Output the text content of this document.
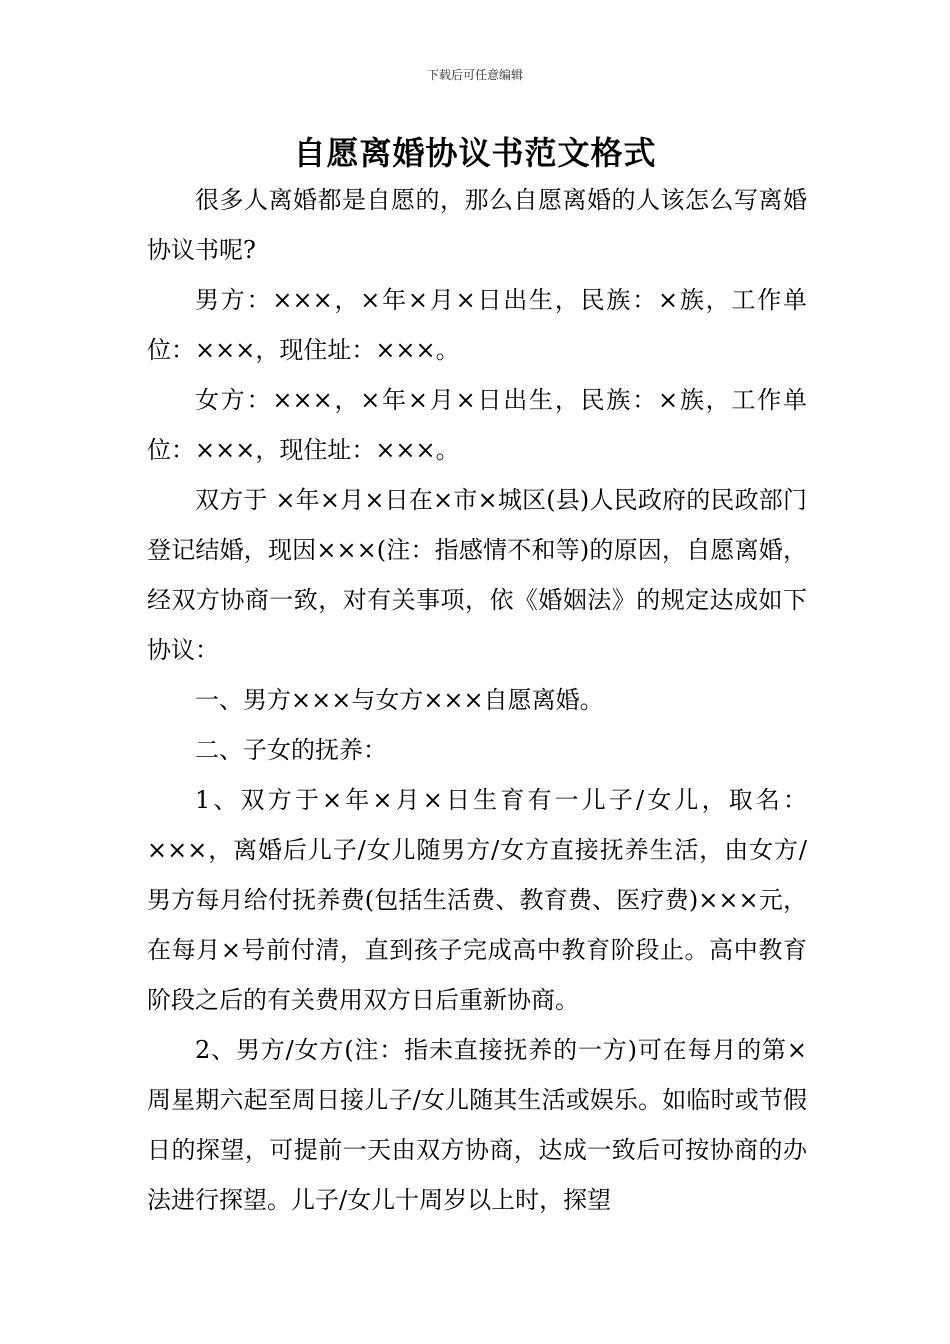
下载后可任意编辑
自愿离婚协议书范文格式

很多人离婚都是自愿的，那么自愿离婚的人该怎么写离婚协议书呢?

男方：×××，×年×月×日出生，民族：×族，工作单位：×××，现住址：×××。

女方：×××，×年×月×日出生，民族：×族，工作单位：×××，现住址：×××。

双方于 ×年×月×日在×市×城区(县)人民政府的民政部门登记结婚，现因×××(注：指感情不和等)的原因，自愿离婚，经双方协商一致，对有关事项，依《婚姻法》的规定达成如下协议：

一、男方×××与女方×××自愿离婚。

二、子女的抚养：

1、双方于×年×月×日生育有一儿子/女儿，取名：×××，离婚后儿子/女儿随男方/女方直接抚养生活，由女方/男方每月给付抚养费(包括生活费、教育费、医疗费)×××元，在每月×号前付清，直到孩子完成高中教育阶段止。高中教育阶段之后的有关费用双方日后重新协商。

2、男方/女方(注：指未直接抚养的一方)可在每月的第×周星期六起至周日接儿子/女儿随其生活或娱乐。如临时或节假日的探望，可提前一天由双方协商，达成一致后可按协商的办法进行探望。儿子/女儿十周岁以上时，探望
